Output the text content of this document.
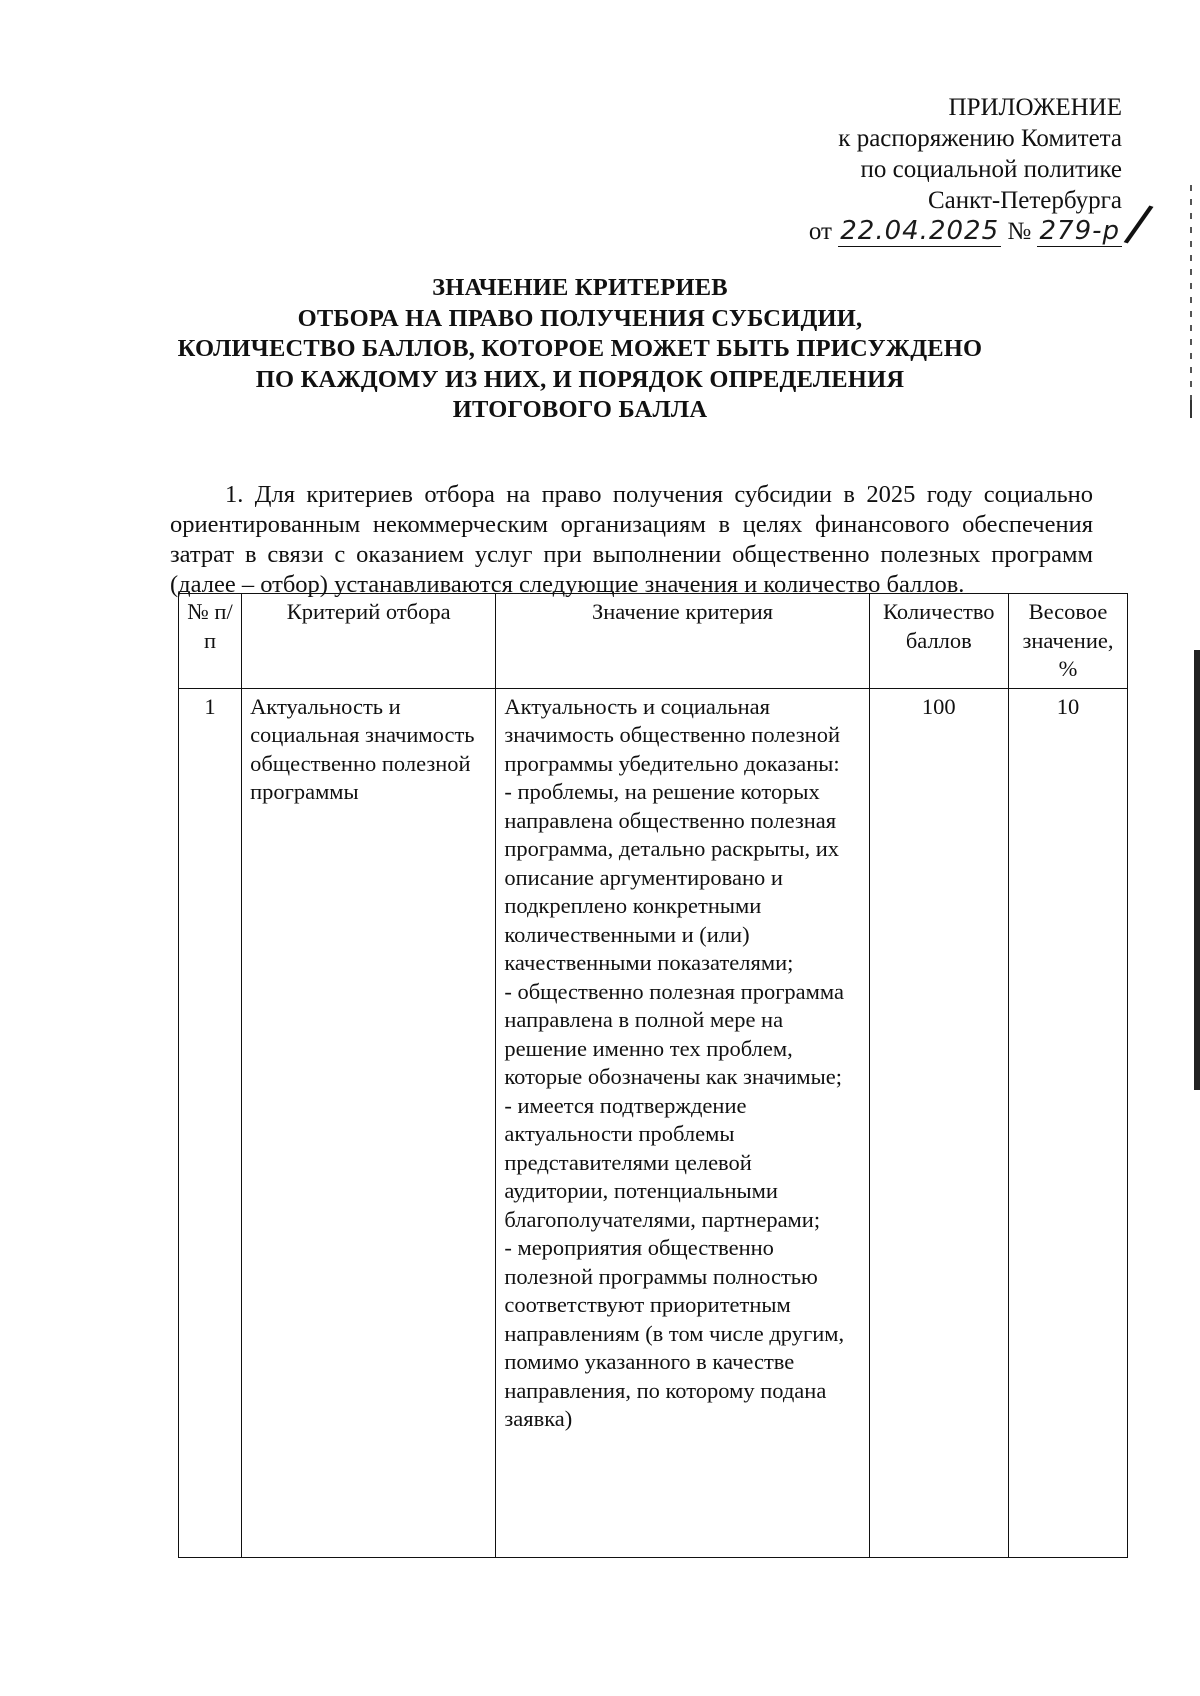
ПРИЛОЖЕНИЕ
к распоряжению Комитета
по социальной политике
Санкт-Петербурга
от 22.04.2025 № 279-р /
ЗНАЧЕНИЕ КРИТЕРИЕВ
ОТБОРА НА ПРАВО ПОЛУЧЕНИЯ СУБСИДИИ,
КОЛИЧЕСТВО БАЛЛОВ, КОТОРОЕ МОЖЕТ БЫТЬ ПРИСУЖДЕНО
ПО КАЖДОМУ ИЗ НИХ, И ПОРЯДОК ОПРЕДЕЛЕНИЯ
ИТОГОВОГО БАЛЛА

1. Для критериев отбора на право получения субсидии в 2025 году социально ориентированным некоммерческим организациям в целях финансового обеспечения затрат в связи с оказанием услуг при выполнении общественно полезных программ (далее – отбор) устанавливаются следующие значения и количество баллов.

№ п/п	Критерий отбора	Значение критерия	Количество баллов	Весовое значение, %
1	Актуальность и социальная значимость общественно полезной программы	Актуальность и социальная значимость общественно полезной программы убедительно доказаны:
- проблемы, на решение которых направлена общественно полезная программа, детально раскрыты, их описание аргументировано и подкреплено конкретными количественными и (или) качественными показателями;
- общественно полезная программа направлена в полной мере на решение именно тех проблем, которые обозначены как значимые;
- имеется подтверждение актуальности проблемы представителями целевой аудитории, потенциальными благополучателями, партнерами;
- мероприятия общественно полезной программы полностью соответствуют приоритетным направлениям (в том числе другим, помимо указанного в качестве направления, по которому подана заявка)	100	10
